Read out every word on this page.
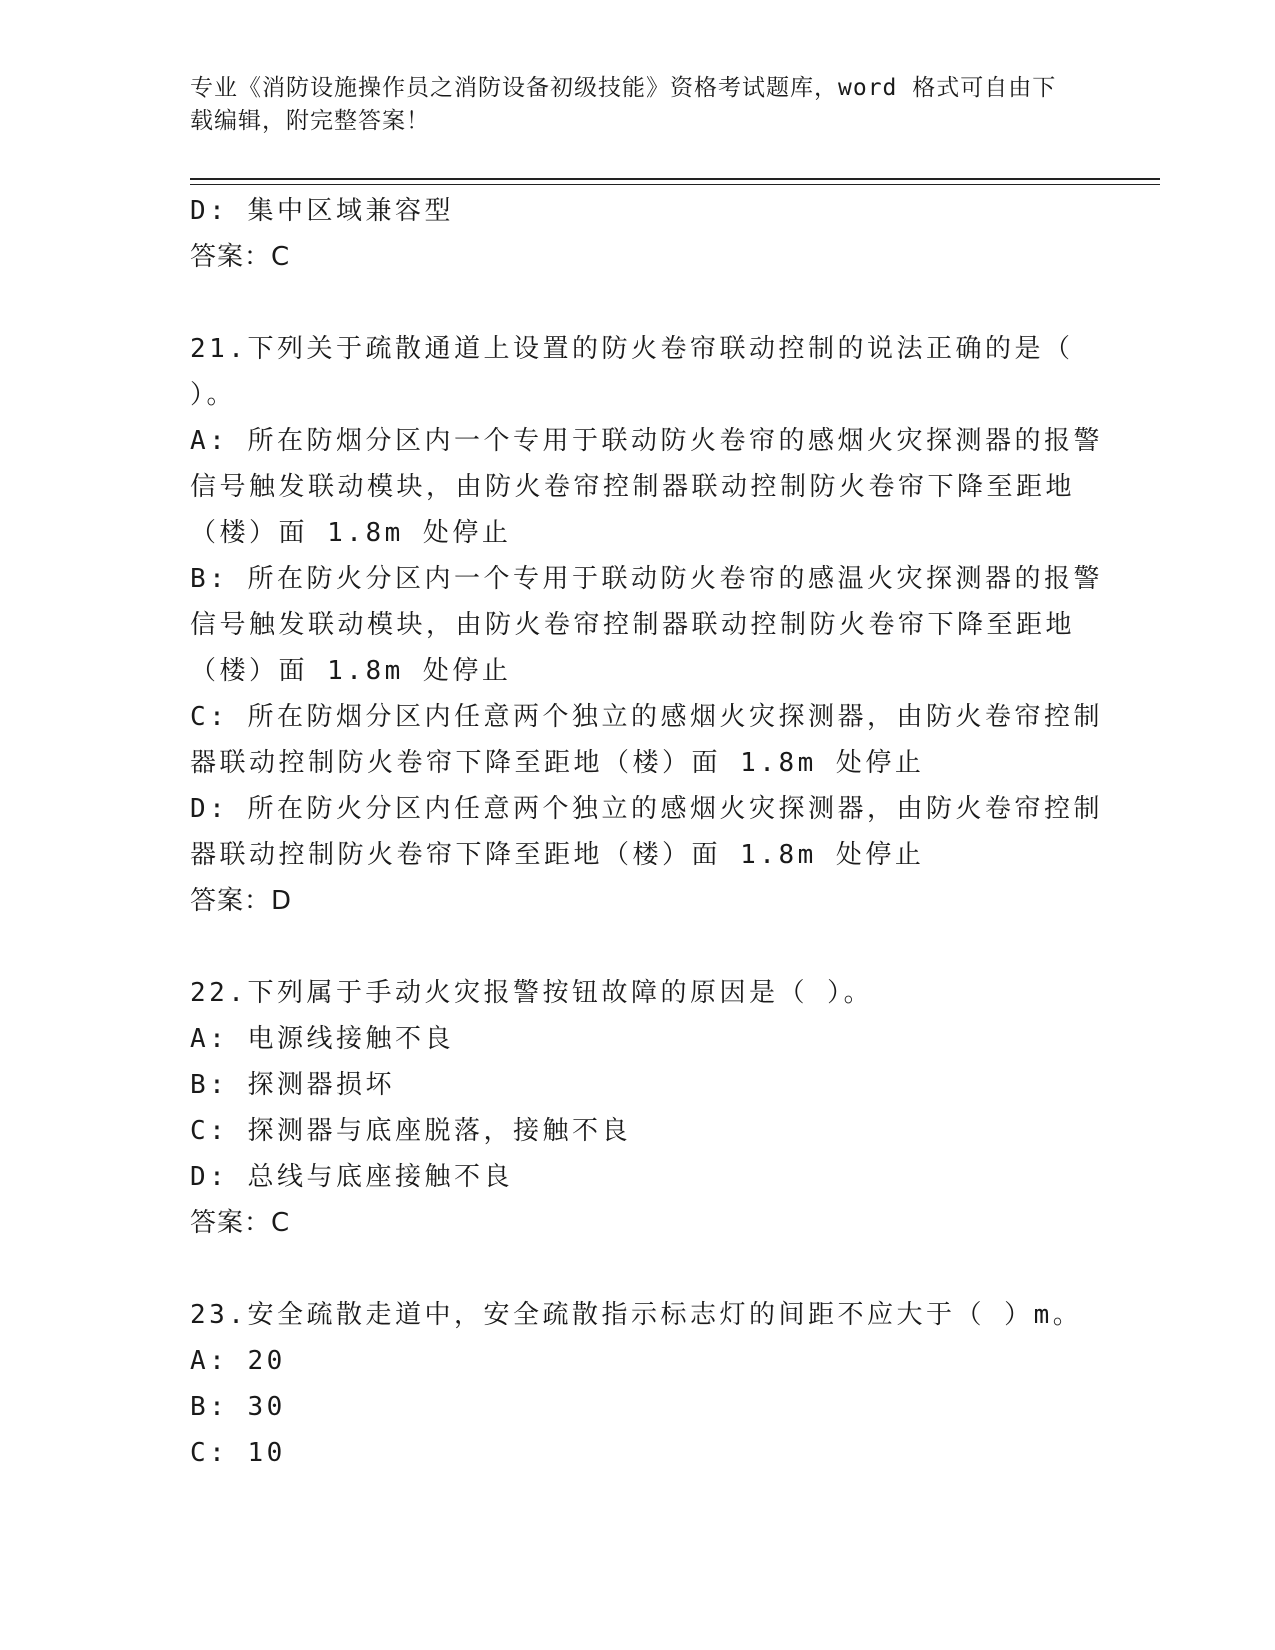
专业《消防设施操作员之消防设备初级技能》资格考试题库，word 格式可自由下
载编辑，附完整答案！
D: 集中区域兼容型
答案：C
21.下列关于疏散通道上设置的防火卷帘联动控制的说法正确的是（
）。
A: 所在防烟分区内一个专用于联动防火卷帘的感烟火灾探测器的报警
信号触发联动模块，由防火卷帘控制器联动控制防火卷帘下降至距地
（楼）面 1.8m 处停止
B: 所在防火分区内一个专用于联动防火卷帘的感温火灾探测器的报警
信号触发联动模块，由防火卷帘控制器联动控制防火卷帘下降至距地
（楼）面 1.8m 处停止
C: 所在防烟分区内任意两个独立的感烟火灾探测器，由防火卷帘控制
器联动控制防火卷帘下降至距地（楼）面 1.8m 处停止
D: 所在防火分区内任意两个独立的感烟火灾探测器，由防火卷帘控制
器联动控制防火卷帘下降至距地（楼）面 1.8m 处停止
答案：D
22.下列属于手动火灾报警按钮故障的原因是（ ）。
A: 电源线接触不良
B: 探测器损坏
C: 探测器与底座脱落，接触不良
D: 总线与底座接触不良
答案：C
23.安全疏散走道中，安全疏散指示标志灯的间距不应大于（ ）m。
A: 20
B: 30
C: 10
